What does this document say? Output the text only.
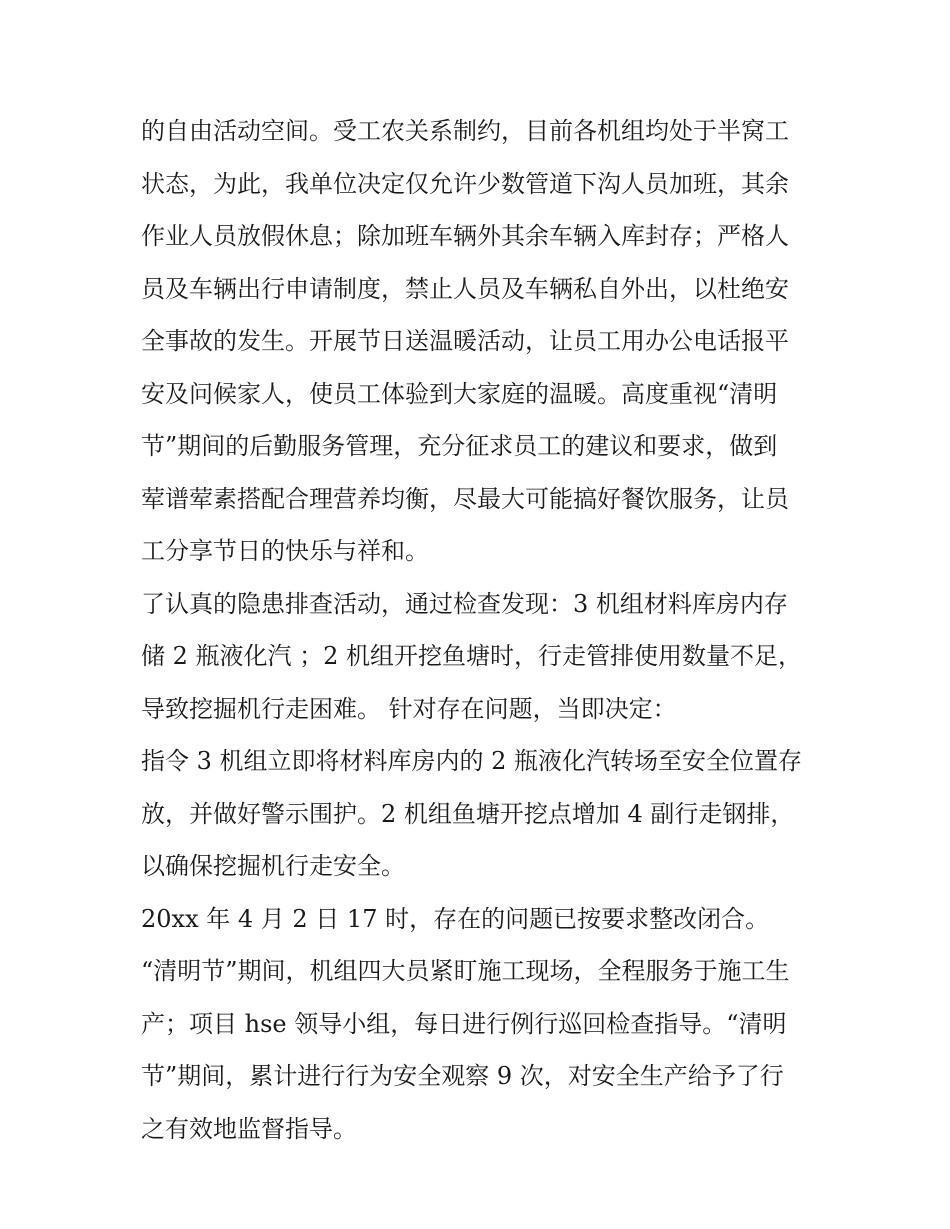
的自由活动空间。受工农关系制约，目前各机组均处于半窝工
状态，为此，我单位决定仅允许少数管道下沟人员加班，其余
作业人员放假休息；除加班车辆外其余车辆入库封存；严格人
员及车辆出行申请制度，禁止人员及车辆私自外出，以杜绝安
全事故的发生。开展节日送温暖活动，让员工用办公电话报平
安及问候家人，使员工体验到大家庭的温暖。高度重视“清明
节”期间的后勤服务管理，充分征求员工的建议和要求，做到
荤谱荤素搭配合理营养均衡，尽最大可能搞好餐饮服务，让员
工分享节日的快乐与祥和。
了认真的隐患排查活动，通过检查发现：3 机组材料库房内存
储 2 瓶液化汽 ；2 机组开挖鱼塘时，行走管排使用数量不足，
导致挖掘机行走困难。 针对存在问题，当即决定：
指令 3 机组立即将材料库房内的 2 瓶液化汽转场至安全位置存
放，并做好警示围护。2 机组鱼塘开挖点增加 4 副行走钢排，
以确保挖掘机行走安全。
20xx 年 4 月 2 日 17 时，存在的问题已按要求整改闭合。
“清明节”期间，机组四大员紧盯施工现场，全程服务于施工生
产；项目 hse 领导小组，每日进行例行巡回检查指导。“清明
节”期间，累计进行行为安全观察 9 次，对安全生产给予了行
之有效地监督指导。
